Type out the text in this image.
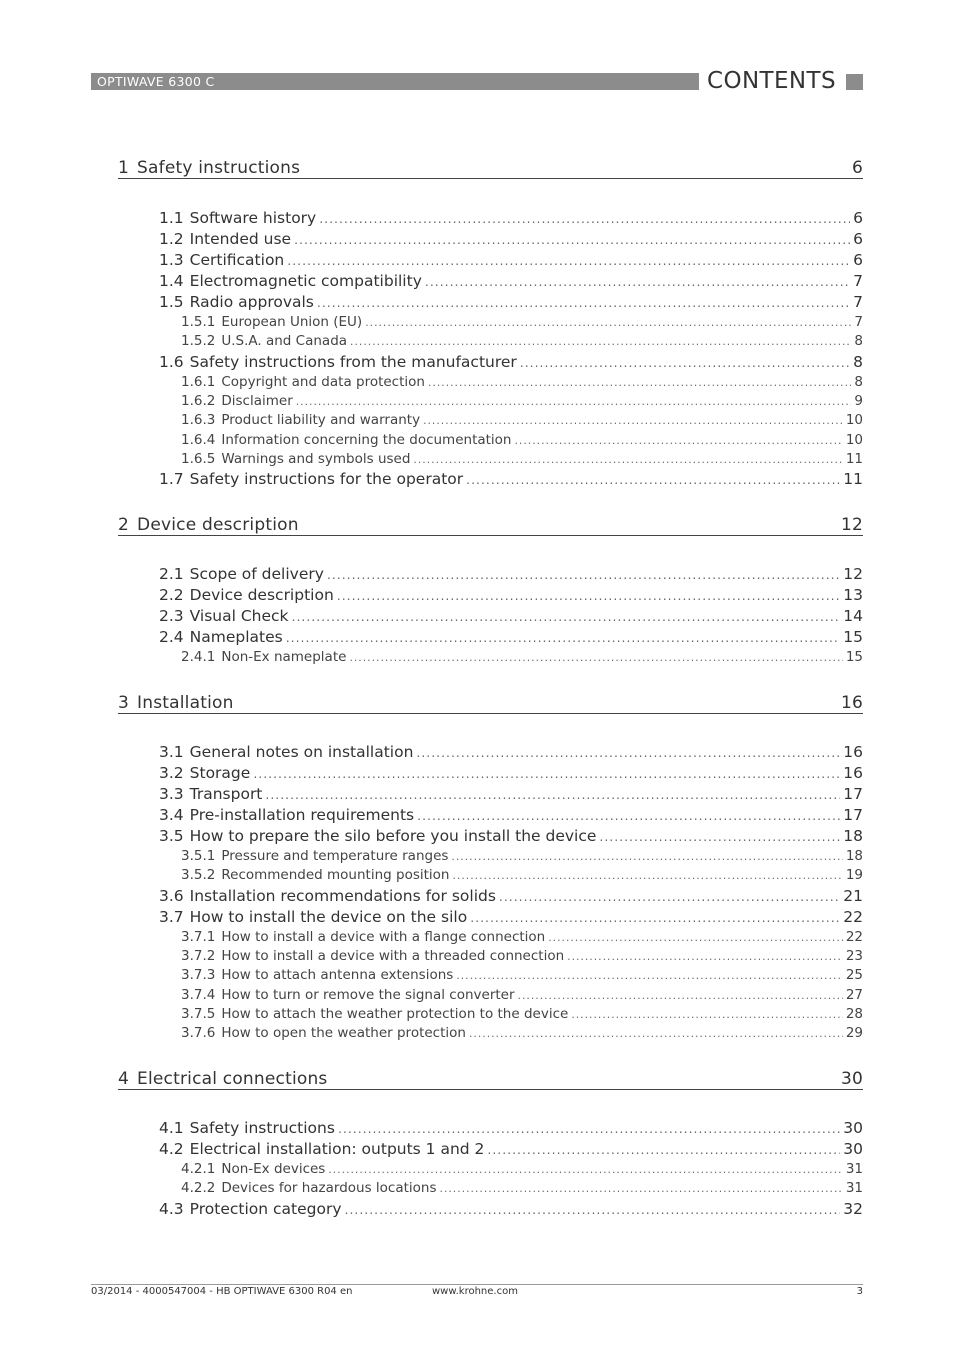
OPTIWAVE 6300 C	CONTENTS
1 Safety instructions	6
1.1 Software history .....	6
1.2 Intended use .....	6
1.3 Certification .....	6
1.4 Electromagnetic compatibility .....	7
1.5 Radio approvals .....	7
1.5.1 European Union (EU) .....	7
1.5.2 U.S.A. and Canada .....	8
1.6 Safety instructions from the manufacturer .....	8
1.6.1 Copyright and data protection .....	8
1.6.2 Disclaimer .....	9
1.6.3 Product liability and warranty .....	10
1.6.4 Information concerning the documentation .....	10
1.6.5 Warnings and symbols used .....	11
1.7 Safety instructions for the operator .....	11
2 Device description	12
2.1 Scope of delivery .....	12
2.2 Device description .....	13
2.3 Visual Check .....	14
2.4 Nameplates .....	15
2.4.1 Non-Ex nameplate .....	15
3 Installation	16
3.1 General notes on installation .....	16
3.2 Storage .....	16
3.3 Transport .....	17
3.4 Pre-installation requirements .....	17
3.5 How to prepare the silo before you install the device .....	18
3.5.1 Pressure and temperature ranges .....	18
3.5.2 Recommended mounting position .....	19
3.6 Installation recommendations for solids .....	21
3.7 How to install the device on the silo .....	22
3.7.1 How to install a device with a flange connection .....	22
3.7.2 How to install a device with a threaded connection .....	23
3.7.3 How to attach antenna extensions .....	25
3.7.4 How to turn or remove the signal converter .....	27
3.7.5 How to attach the weather protection to the device .....	28
3.7.6 How to open the weather protection .....	29
4 Electrical connections	30
4.1 Safety instructions .....	30
4.2 Electrical installation: outputs 1 and 2 .....	30
4.2.1 Non-Ex devices .....	31
4.2.2 Devices for hazardous locations .....	31
4.3 Protection category .....	32
03/2014 - 4000547004 - HB OPTIWAVE 6300 R04 en	www.krohne.com	3
